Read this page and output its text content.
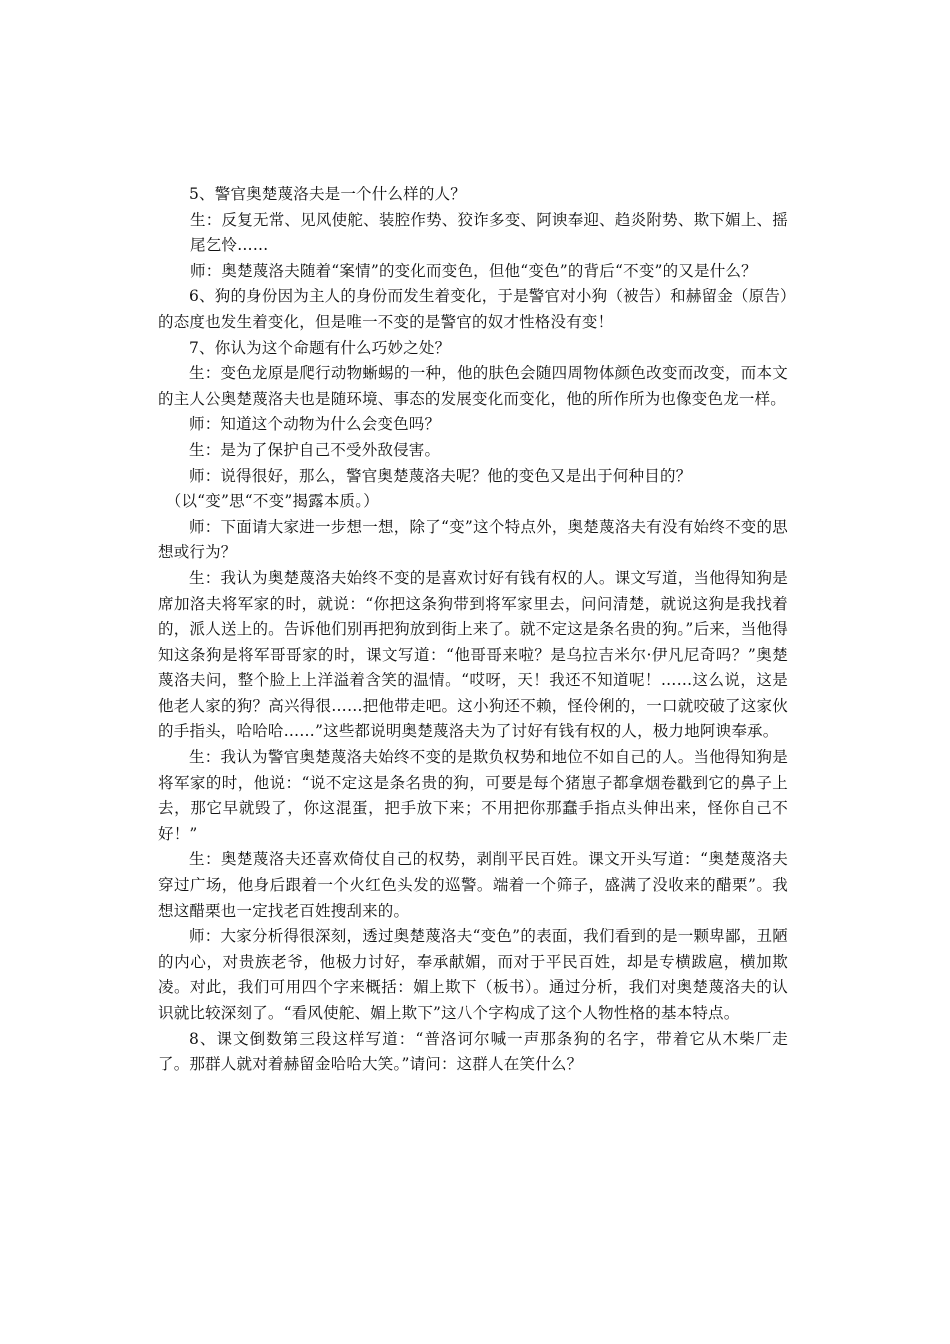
5、警官奥楚蔑洛夫是一个什么样的人？

生：反复无常、见风使舵、装腔作势、狡诈多变、阿谀奉迎、趋炎附势、欺下媚上、摇尾乞怜……

师：奥楚蔑洛夫随着“案情”的变化而变色，但他“变色”的背后“不变”的又是什么？

6、狗的身份因为主人的身份而发生着变化，于是警官对小狗（被告）和赫留金（原告）的态度也发生着变化，但是唯一不变的是警官的奴才性格没有变！

7、你认为这个命题有什么巧妙之处？

生：变色龙原是爬行动物蜥蜴的一种，他的肤色会随四周物体颜色改变而改变，而本文的主人公奥楚蔑洛夫也是随环境、事态的发展变化而变化，他的所作所为也像变色龙一样。

师：知道这个动物为什么会变色吗？

生：是为了保护自己不受外敌侵害。

师：说得很好，那么，警官奥楚蔑洛夫呢？他的变色又是出于何种目的？

（以“变”思“不变”揭露本质。）

师：下面请大家进一步想一想，除了“变”这个特点外，奥楚蔑洛夫有没有始终不变的思想或行为？

生：我认为奥楚蔑洛夫始终不变的是喜欢讨好有钱有权的人。课文写道，当他得知狗是席加洛夫将军家的时，就说：“你把这条狗带到将军家里去，问问清楚，就说这狗是我找着的，派人送上的。告诉他们别再把狗放到街上来了。就不定这是条名贵的狗。”后来，当他得知这条狗是将军哥哥家的时，课文写道：“他哥哥来啦？是乌拉吉米尔·伊凡尼奇吗？”奥楚蔑洛夫问，整个脸上上洋溢着含笑的温情。“哎呀，天！我还不知道呢！……这么说，这是他老人家的狗？高兴得很……把他带走吧。这小狗还不赖，怪伶俐的，一口就咬破了这家伙的手指头，哈哈哈……”这些都说明奥楚蔑洛夫为了讨好有钱有权的人，极力地阿谀奉承。

生：我认为警官奥楚蔑洛夫始终不变的是欺负权势和地位不如自己的人。当他得知狗是将军家的时，他说：“说不定这是条名贵的狗，可要是每个猪崽子都拿烟卷戳到它的鼻子上去，那它早就毁了，你这混蛋，把手放下来；不用把你那蠢手指点头伸出来，怪你自己不好！”

生：奥楚蔑洛夫还喜欢倚仗自己的权势，剥削平民百姓。课文开头写道：“奥楚蔑洛夫穿过广场，他身后跟着一个火红色头发的巡警。端着一个筛子，盛满了没收来的醋栗”。我想这醋栗也一定找老百姓搜刮来的。

师：大家分析得很深刻，透过奥楚蔑洛夫“变色”的表面，我们看到的是一颗卑鄙，丑陋的内心，对贵族老爷，他极力讨好，奉承献媚，而对于平民百姓，却是专横跋扈，横加欺凌。对此，我们可用四个字来概括：媚上欺下（板书）。通过分析，我们对奥楚蔑洛夫的认识就比较深刻了。“看风使舵、媚上欺下”这八个字构成了这个人物性格的基本特点。

8、课文倒数第三段这样写道：“普洛诃尔喊一声那条狗的名字，带着它从木柴厂走了。那群人就对着赫留金哈哈大笑。”请问：这群人在笑什么？
